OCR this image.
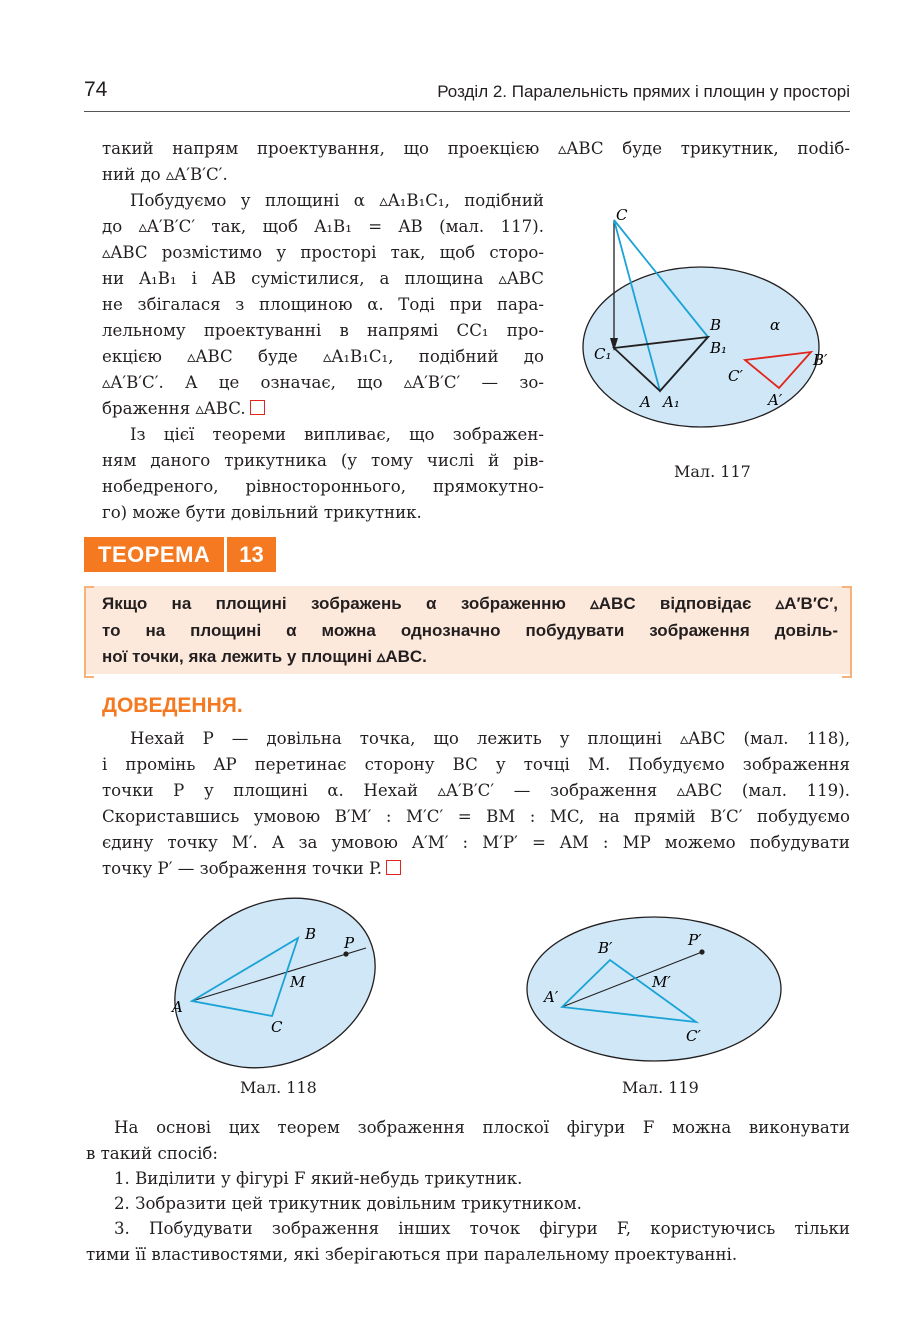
74	Розділ 2. Паралельність прямих і площин у просторі
такий напрям проектування, що проекцією ▵ABC буде трикутник, поdiб-
ний до ▵A′B′C′.
Побудуємо у площині α ▵A₁B₁C₁, подібний
до ▵A′B′C′ так, щоб A₁B₁ = AB (мал. 117).
▵ABC розмістимо у просторі так, щоб сторо-
ни A₁B₁ і AB сумістилися, а площина ▵ABC
не збігалася з площиною α. Тоді при пара-
лельному проектуванні в напрямі CC₁ про-
екцією ▵ABC буде ▵A₁B₁C₁, подібний до
▵A′B′C′. А це означає, що ▵A′B′C′ — зо-
браження ▵ABC.
Із цієї теореми випливає, що зображен-
ням даного трикутника (у тому числі й рів-
нобедреного, рівностороннього, прямокутно-
го) може бути довільний трикутник.
C
B	α
C₁	B₁
B′
C′
A A₁	A′
Мал. 117
ТЕОРЕМА	13
Якщо на площині зображень α зображенню ▵ABC відповідає ▵A′B′C′,
то на площині α можна однозначно побудувати зображення довіль-
ної точки, яка лежить у площині ▵ABC.
ДОВЕДЕННЯ.
Нехай P — довільна точка, що лежить у площині ▵ABC (мал. 118),
і промінь AP перетинає сторону BC у точці M. Побудуємо зображення
точки P у площині α. Нехай ▵A′B′C′ — зображення ▵ABC (мал. 119).
Скориставшись умовою B′M′ : M′C′ = BM : MC, на прямій B′C′ побудуємо
єдину точку M′. А за умовою A′M′ : M′P′ = AM : MP можемо побудувати
точку P′ — зображення точки P.
A
B
C
M
P
Мал. 118
A′
B′
C′
M′
P′
Мал. 119
На основі цих теорем зображення плоскої фігури F можна виконувати
в такий спосіб:
1. Виділити у фігурі F який-небудь трикутник.
2. Зобразити цей трикутник довільним трикутником.
3. Побудувати зображення інших точок фігури F, користуючись тільки
тими її властивостями, які зберігаються при паралельному проектуванні.
